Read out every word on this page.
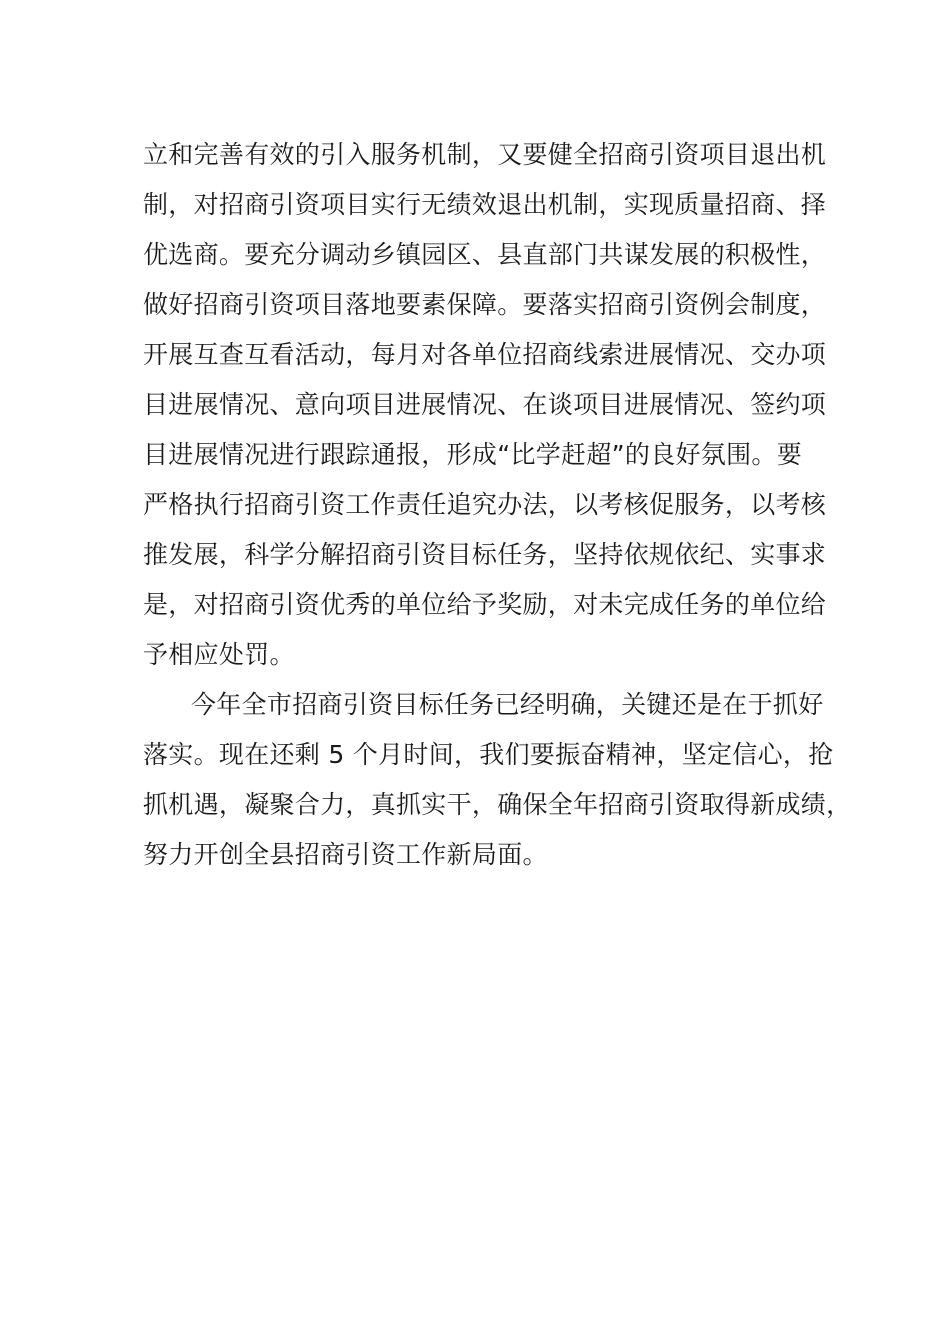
立和完善有效的引入服务机制，又要健全招商引资项目退出机
制，对招商引资项目实行无绩效退出机制，实现质量招商、择
优选商。要充分调动乡镇园区、县直部门共谋发展的积极性，
做好招商引资项目落地要素保障。要落实招商引资例会制度，
开展互查互看活动，每月对各单位招商线索进展情况、交办项
目进展情况、意向项目进展情况、在谈项目进展情况、签约项
目进展情况进行跟踪通报，形成“比学赶超”的良好氛围。要
严格执行招商引资工作责任追究办法，以考核促服务，以考核
推发展，科学分解招商引资目标任务，坚持依规依纪、实事求
是，对招商引资优秀的单位给予奖励，对未完成任务的单位给
予相应处罚。
今年全市招商引资目标任务已经明确，关键还是在于抓好
落实。现在还剩 5 个月时间，我们要振奋精神，坚定信心，抢
抓机遇，凝聚合力，真抓实干，确保全年招商引资取得新成绩，
努力开创全县招商引资工作新局面。
